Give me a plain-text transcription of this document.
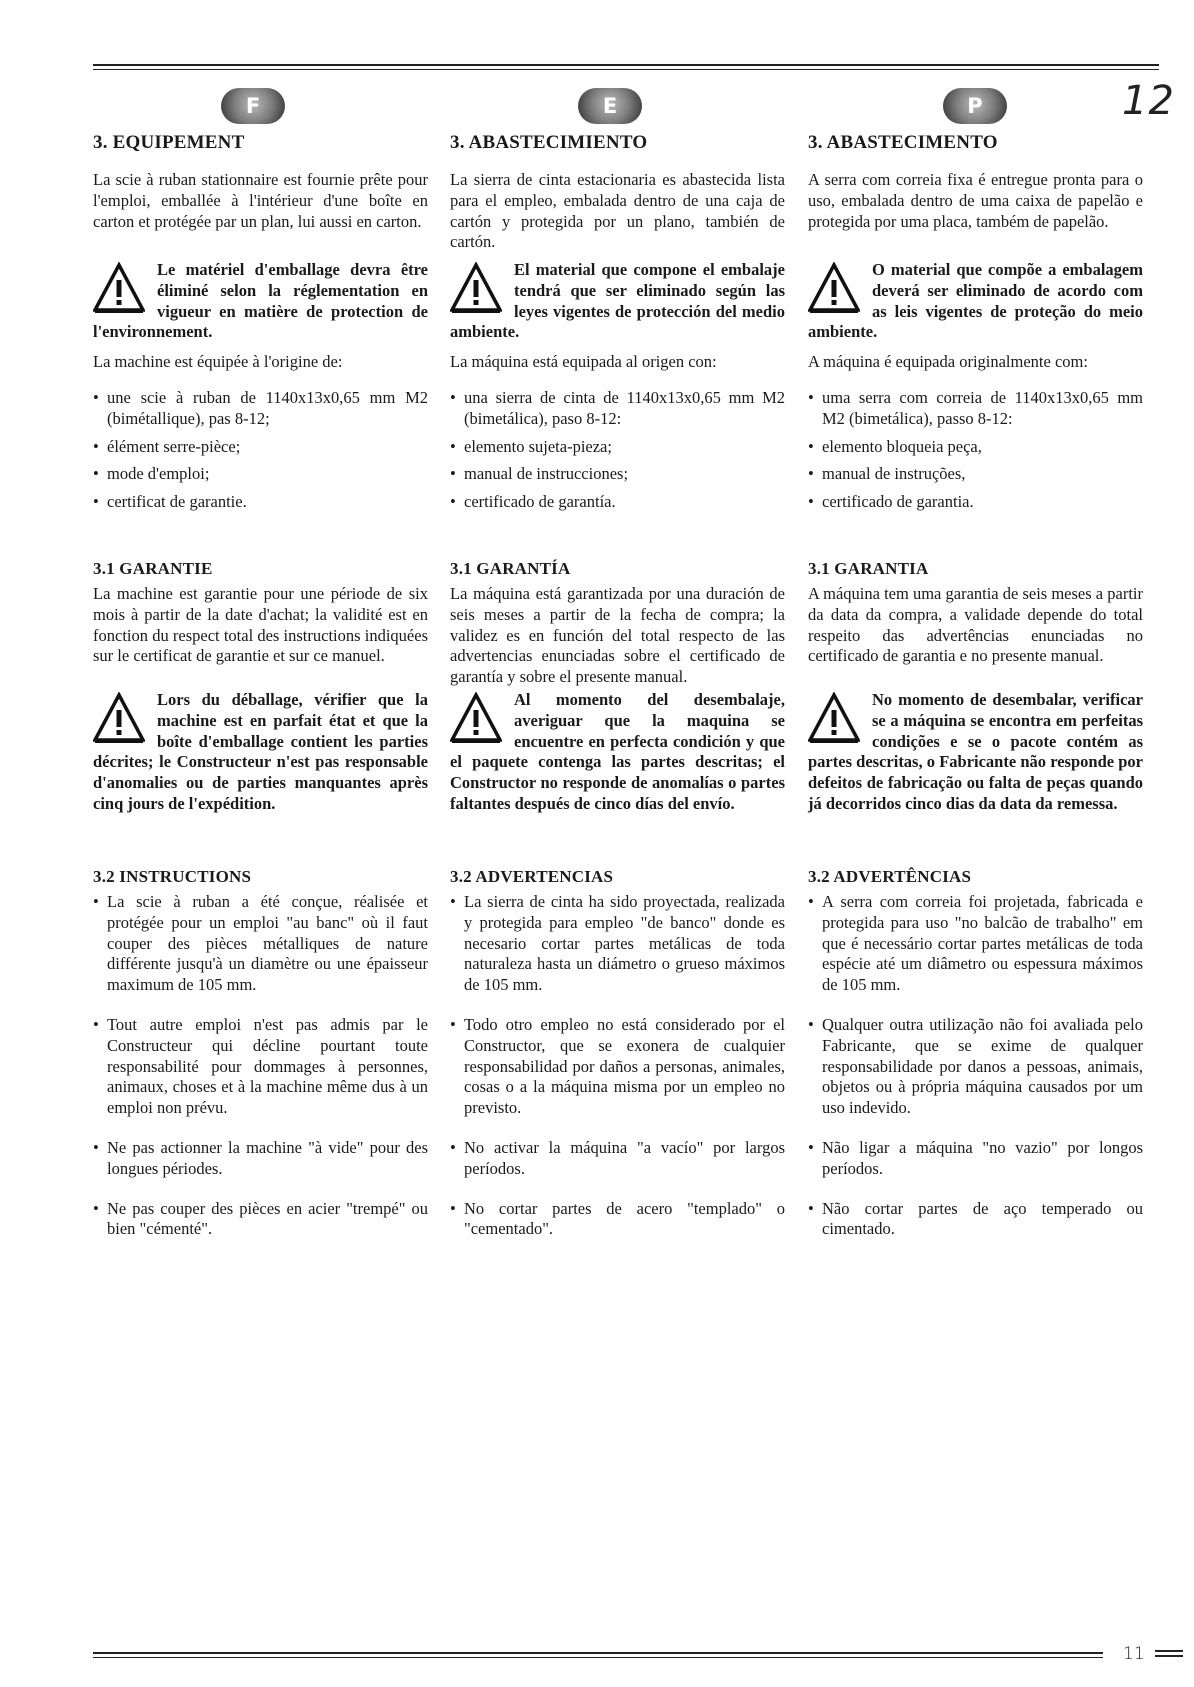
12
F
3. EQUIPEMENT

La scie à ruban stationnaire est fournie prête pour l'emploi, emballée à l'intérieur d'une boîte en carton et protégée par un plan, lui aussi en carton.

Le matériel d'emballage devra être éliminé selon la réglementation en vigueur en matière de protection de l'environnement.

La machine est équipée à l'origine de:

• une scie à ruban de 1140x13x0,65 mm M2 (bimétallique), pas 8-12;
• élément serre-pièce;
• mode d'emploi;
• certificat de garantie.
3.1 GARANTIE

La machine est garantie pour une période de six mois à partir de la date d'achat; la validité est en fonction du respect total des instructions indiquées sur le certificat de garantie et sur ce manuel.

Lors du déballage, vérifier que la machine est en parfait état et que la boîte d'emballage contient les parties décrites; le Constructeur n'est pas responsable d'anomalies ou de parties manquantes après cinq jours de l'expédition.

3.2 INSTRUCTIONS
• La scie à ruban a été conçue, réalisée et protégée pour un emploi "au banc" où il faut couper des pièces métalliques de nature différente jusqu'à un diamètre ou une épaisseur maximum de 105 mm.
• Tout autre emploi n'est pas admis par le Constructeur qui décline pourtant toute responsabilité pour dommages à personnes, animaux, choses et à la machine même dus à un emploi non prévu.
• Ne pas actionner la machine "à vide" pour des longues périodes.
• Ne pas couper des pièces en acier "trempé" ou bien "cémenté".
E
3. ABASTECIMIENTO

La sierra de cinta estacionaria es abastecida lista para el empleo, embalada dentro de una caja de cartón y protegida por un plano, también de cartón.

El material que compone el embalaje tendrá que ser eliminado según las leyes vigentes de protección del medio ambiente.

La máquina está equipada al origen con:

• una sierra de cinta de 1140x13x0,65 mm M2 (bimetálica), paso 8-12:
• elemento sujeta-pieza;
• manual de instrucciones;
• certificado de garantía.
3.1 GARANTÍA

La máquina está garantizada por una duración de seis meses a partir de la fecha de compra; la validez es en función del total respecto de las advertencias enunciadas sobre el certificado de garantía y sobre el presente manual.

Al momento del desembalaje, averiguar que la maquina se encuentre en perfecta condición y que el paquete contenga las partes descritas; el Constructor no responde de anomalías o partes faltantes después de cinco días del envío.

3.2 ADVERTENCIAS
• La sierra de cinta ha sido proyectada, realizada y protegida para empleo "de banco" donde es necesario cortar partes metálicas de toda naturaleza hasta un diámetro o grueso máximos de 105 mm.
• Todo otro empleo no está considerado por el Constructor, que se exonera de cualquier responsabilidad por daños a personas, animales, cosas o a la máquina misma por un empleo no previsto.
• No activar la máquina "a vacío" por largos períodos.
• No cortar partes de acero "templado" o "cementado".
P
3. ABASTECIMENTO

A serra com correia fixa é entregue pronta para o uso, embalada dentro de uma caixa de papelão e protegida por uma placa, também de papelão.

O material que compõe a embalagem deverá ser eliminado de acordo com as leis vigentes de proteção do meio ambiente.

A máquina é equipada originalmente com:

• uma serra com correia de 1140x13x0,65 mm M2 (bimetálica), passo 8-12:
• elemento bloqueia peça,
• manual de instruções,
• certificado de garantia.
3.1 GARANTIA

A máquina tem uma garantia de seis meses a partir da data da compra, a validade depende do total respeito das advertências enunciadas no certificado de garantia e no presente manual.

No momento de desembalar, verificar se a máquina se encontra em perfeitas condições e se o pacote contém as partes descritas, o Fabricante não responde por defeitos de fabricação ou falta de peças quando já decorridos cinco dias da data da remessa.

3.2 ADVERTÊNCIAS
• A serra com correia foi projetada, fabricada e protegida para uso "no balcão de trabalho" em que é necessário cortar partes metálicas de toda espécie até um diâmetro ou espessura máximos de 105 mm.
• Qualquer outra utilização não foi avaliada pelo Fabricante, que se exime de qualquer responsabilidade por danos a pessoas, animais, objetos ou à própria máquina causados por um uso indevido.
• Não ligar a máquina "no vazio" por longos períodos.
• Não cortar partes de aço temperado ou cimentado.
11
